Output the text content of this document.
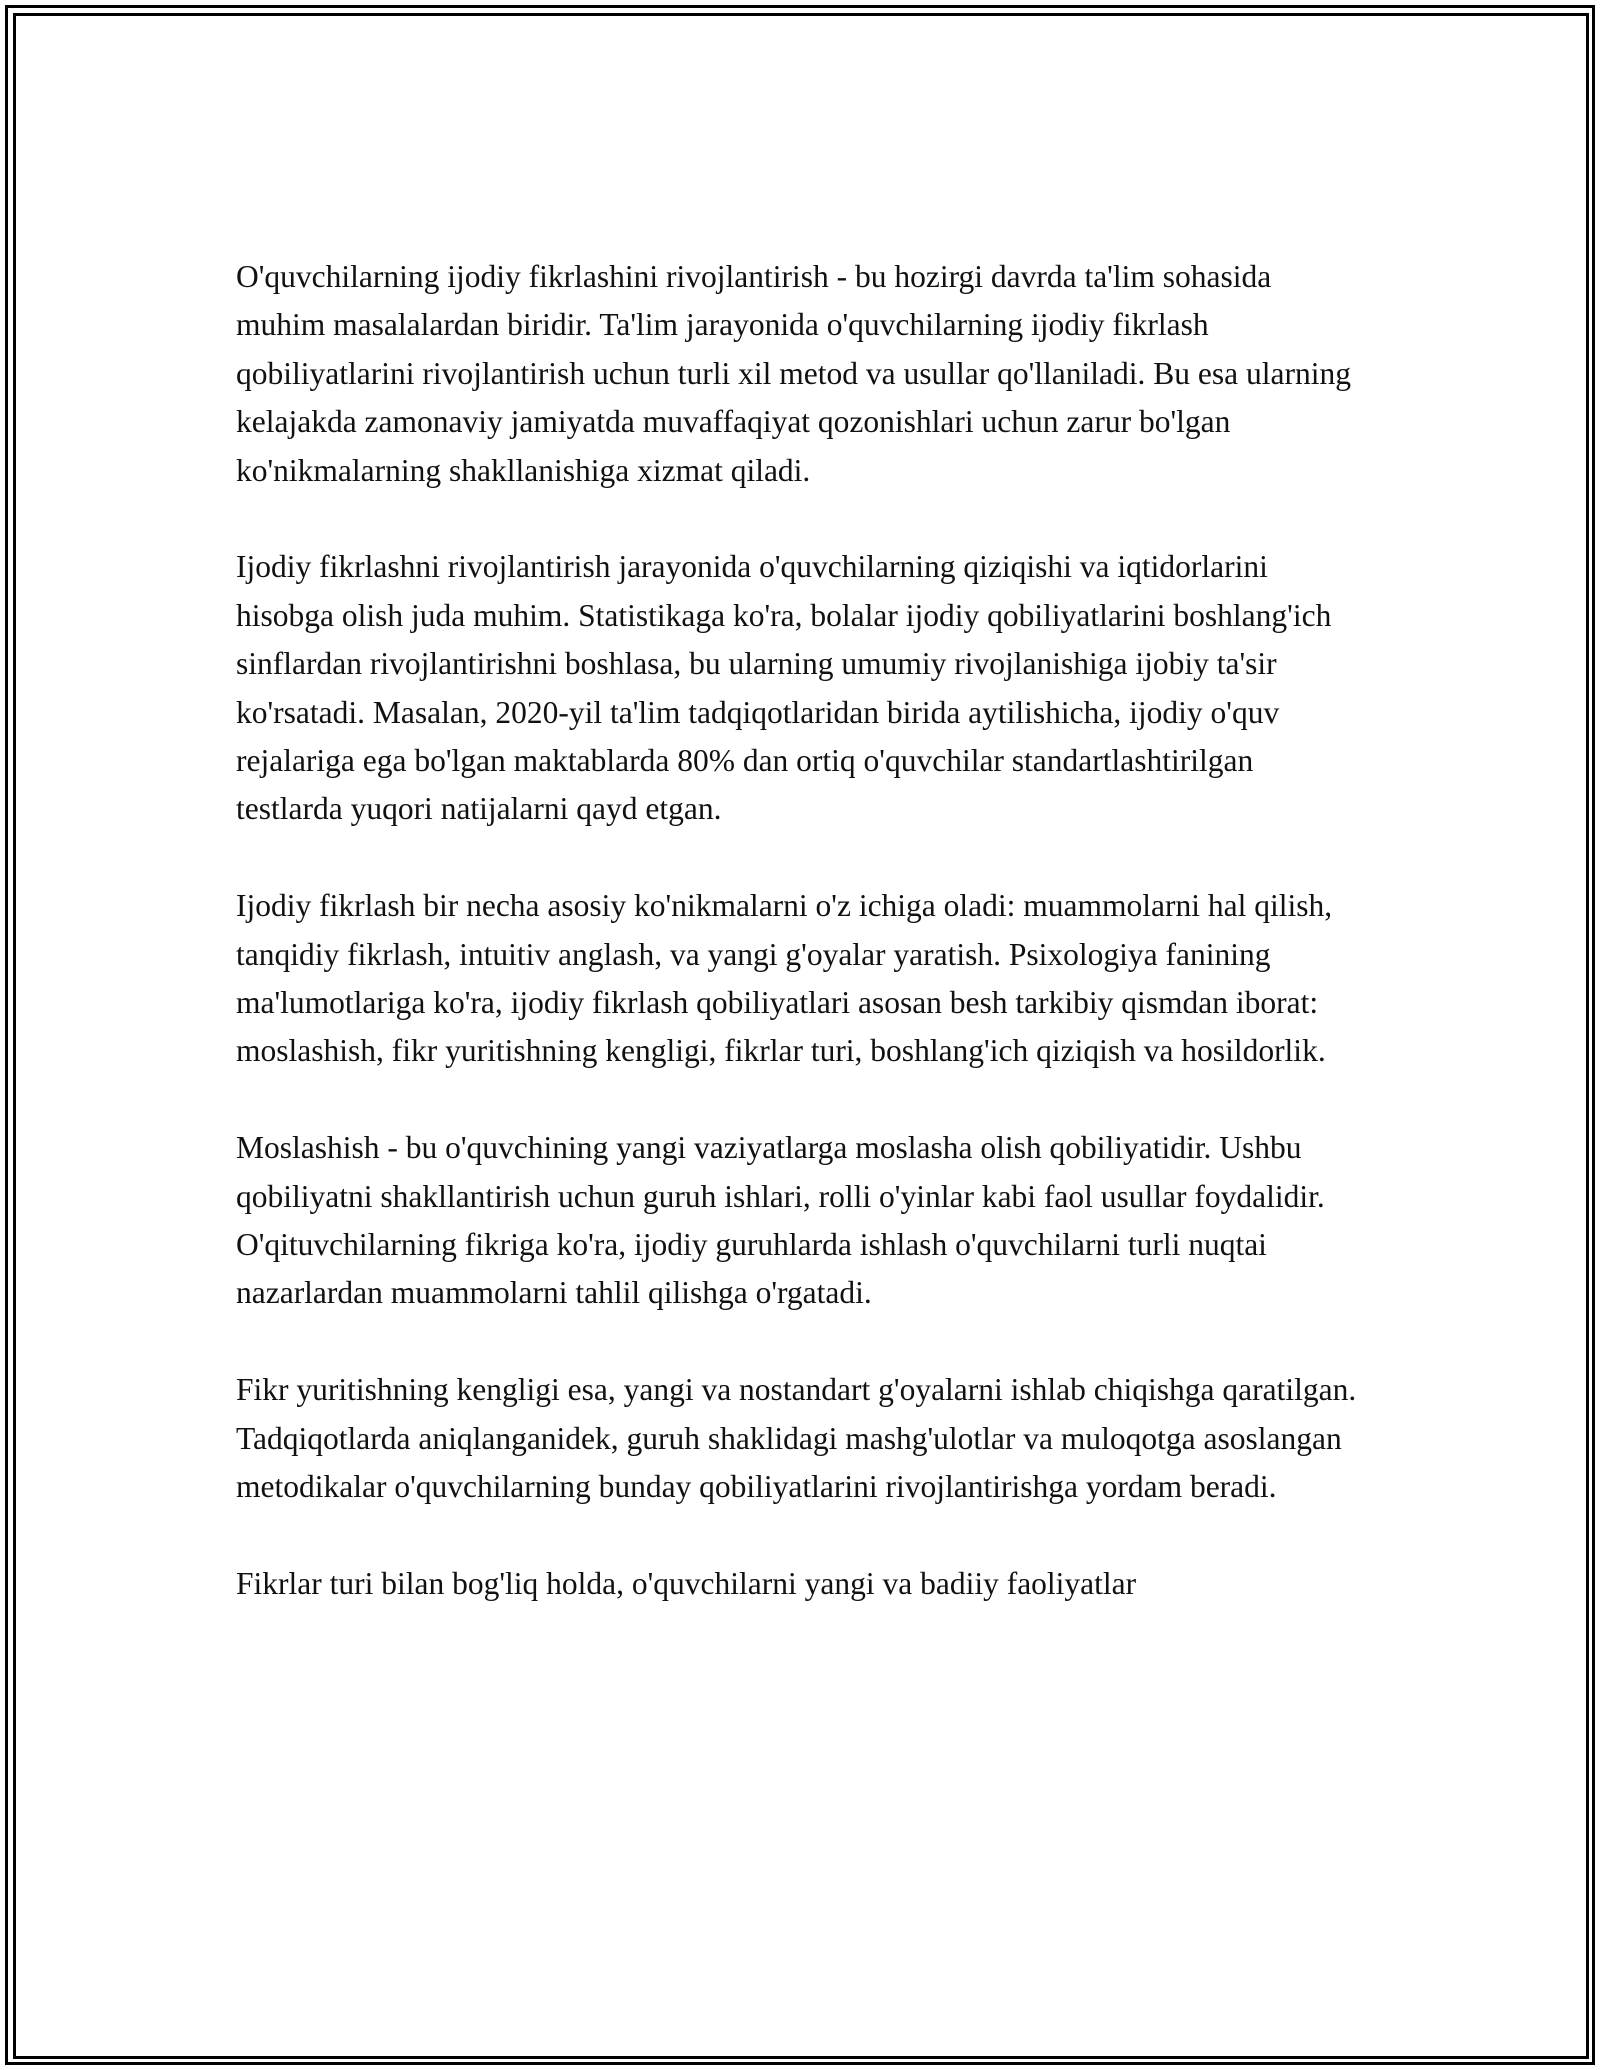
O'quvchilarning ijodiy fikrlashini rivojlantirish - bu hozirgi davrda ta'lim sohasida muhim masalalardan biridir. Ta'lim jarayonida o'quvchilarning ijodiy fikrlash qobiliyatlarini rivojlantirish uchun turli xil metod va usullar qo'llaniladi. Bu esa ularning kelajakda zamonaviy jamiyatda muvaffaqiyat qozonishlari uchun zarur bo'lgan ko'nikmalarning shakllanishiga xizmat qiladi.

Ijodiy fikrlashni rivojlantirish jarayonida o'quvchilarning qiziqishi va iqtidorlarini hisobga olish juda muhim. Statistikaga ko'ra, bolalar ijodiy qobiliyatlarini boshlang'ich sinflardan rivojlantirishni boshlasa, bu ularning umumiy rivojlanishiga ijobiy ta'sir ko'rsatadi. Masalan, 2020-yil ta'lim tadqiqotlaridan birida aytilishicha, ijodiy o'quv rejalariga ega bo'lgan maktablarda 80% dan ortiq o'quvchilar standartlashtirilgan testlarda yuqori natijalarni qayd etgan.

Ijodiy fikrlash bir necha asosiy ko'nikmalarni o'z ichiga oladi: muammolarni hal qilish, tanqidiy fikrlash, intuitiv anglash, va yangi g'oyalar yaratish. Psixologiya fanining ma'lumotlariga ko'ra, ijodiy fikrlash qobiliyatlari asosan besh tarkibiy qismdan iborat: moslashish, fikr yuritishning kengligi, fikrlar turi, boshlang'ich qiziqish va hosildorlik.

Moslashish - bu o'quvchining yangi vaziyatlarga moslasha olish qobiliyatidir. Ushbu qobiliyatni shakllantirish uchun guruh ishlari, rolli o'yinlar kabi faol usullar foydalidir. O'qituvchilarning fikriga ko'ra, ijodiy guruhlarda ishlash o'quvchilarni turli nuqtai nazarlardan muammolarni tahlil qilishga o'rgatadi.

Fikr yuritishning kengligi esa, yangi va nostandart g'oyalarni ishlab chiqishga qaratilgan. Tadqiqotlarda aniqlanganidek, guruh shaklidagi mashg'ulotlar va muloqotga asoslangan metodikalar o'quvchilarning bunday qobiliyatlarini rivojlantirishga yordam beradi.

Fikrlar turi bilan bog'liq holda, o'quvchilarni yangi va badiiy faoliyatlar
